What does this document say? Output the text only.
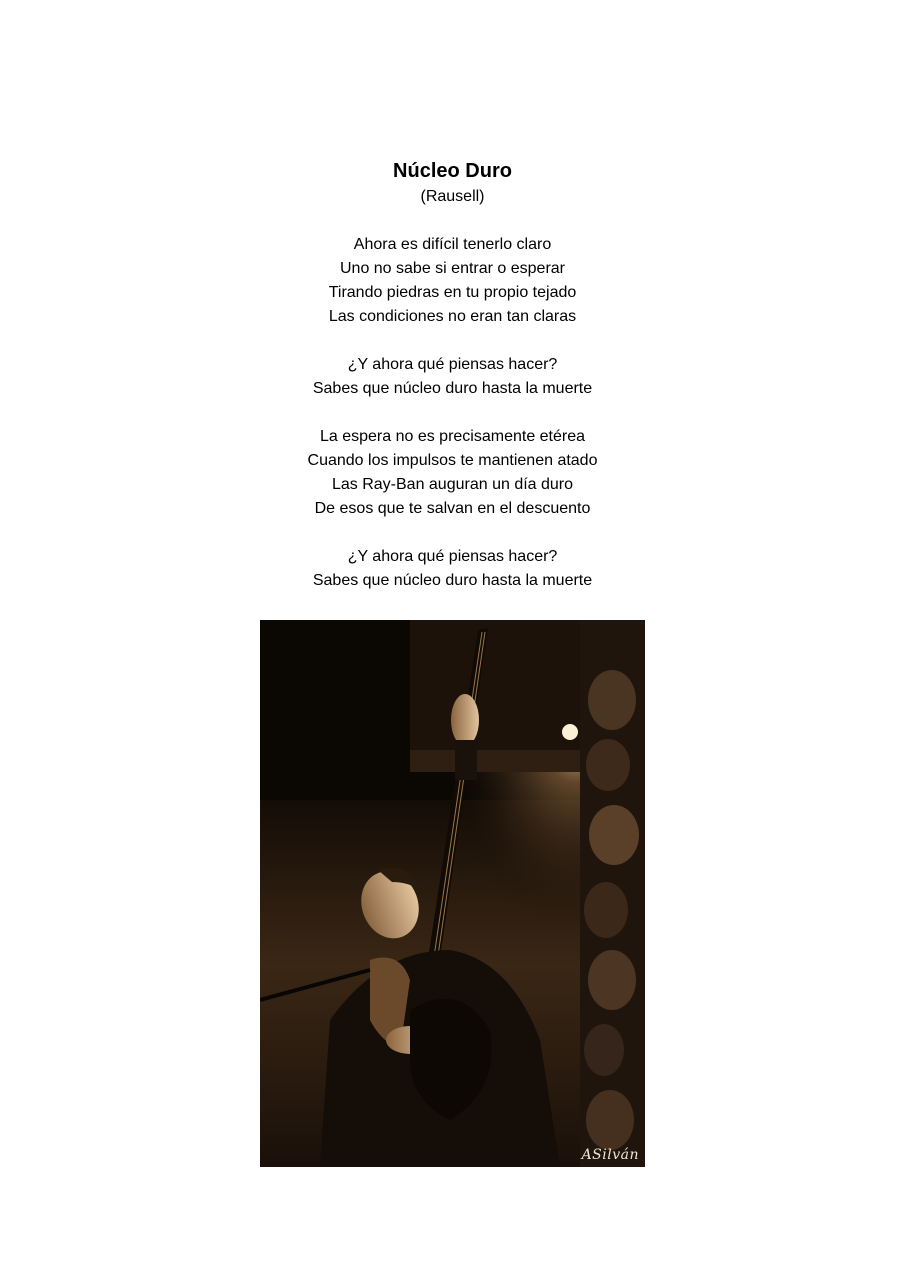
Núcleo Duro

(Rausell)

Ahora es difícil tenerlo claro
Uno no sabe si entrar o esperar
Tirando piedras en tu propio tejado
Las condiciones no eran tan claras
¿Y ahora qué piensas hacer?
Sabes que núcleo duro hasta la muerte
La espera no es precisamente etérea
Cuando los impulsos te mantienen atado
Las Ray-Ban auguran un día duro
De esos que te salvan en el descuento
¿Y ahora qué piensas hacer?
Sabes que núcleo duro hasta la muerte
ASilván
